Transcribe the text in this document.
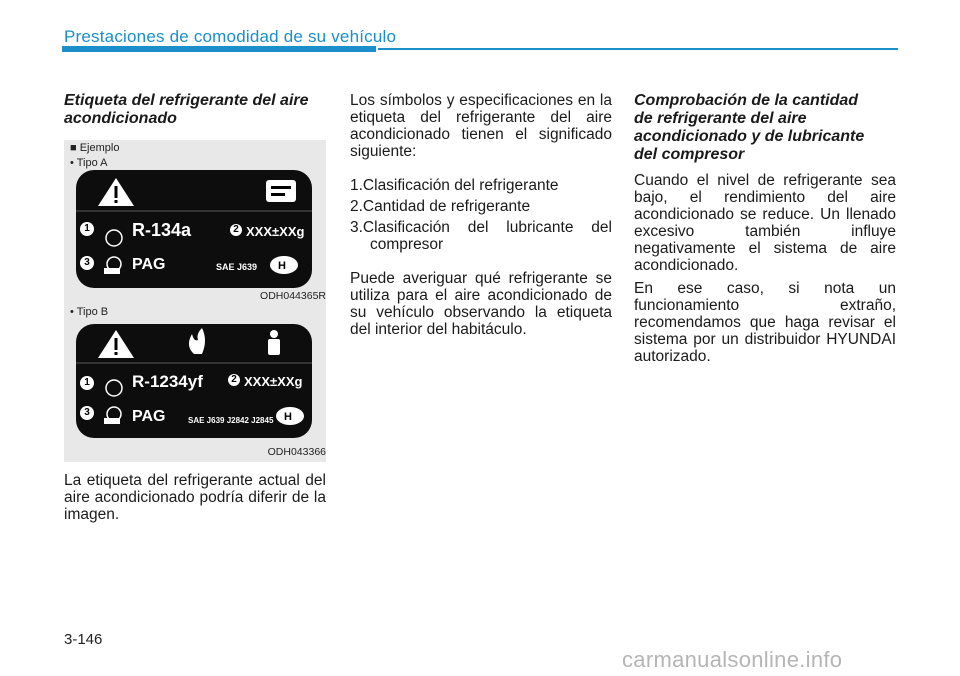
Prestaciones de comodidad de su vehículo

Etiqueta del refrigerante del aire acondicionado

■ Ejemplo
• Tipo A
H
1	2
3
R-134a	XXX±XXg
PAG	SAE J639
ODH044365R
• Tipo B
H
1	2
3
R-1234yf	XXX±XXg
PAG	SAE J639 J2842 J2845
ODH043366

La etiqueta del refrigerante actual del aire acondicionado podría diferir de la imagen.

Los símbolos y especificaciones en la etiqueta del refrigerante del aire acondicionado tienen el significado siguiente:

1.Clasificación del refrigerante
2.Cantidad de refrigerante
3.Clasificación del lubricante del compresor

Puede averiguar qué refrigerante se utiliza para el aire acondicionado de su vehículo observando la etiqueta del interior del habitáculo.

Comprobación de la cantidad de refrigerante del aire acondicionado y de lubricante del compresor

Cuando el nivel de refrigerante sea bajo, el rendimiento del aire acondicionado se reduce. Un llenado excesivo también influye negativamente el sistema de aire acondicionado.

En ese caso, si nota un funcionamiento extraño, recomendamos que haga revisar el sistema por un distribuidor HYUNDAI autorizado.

3-146
carmanualsonline.info
